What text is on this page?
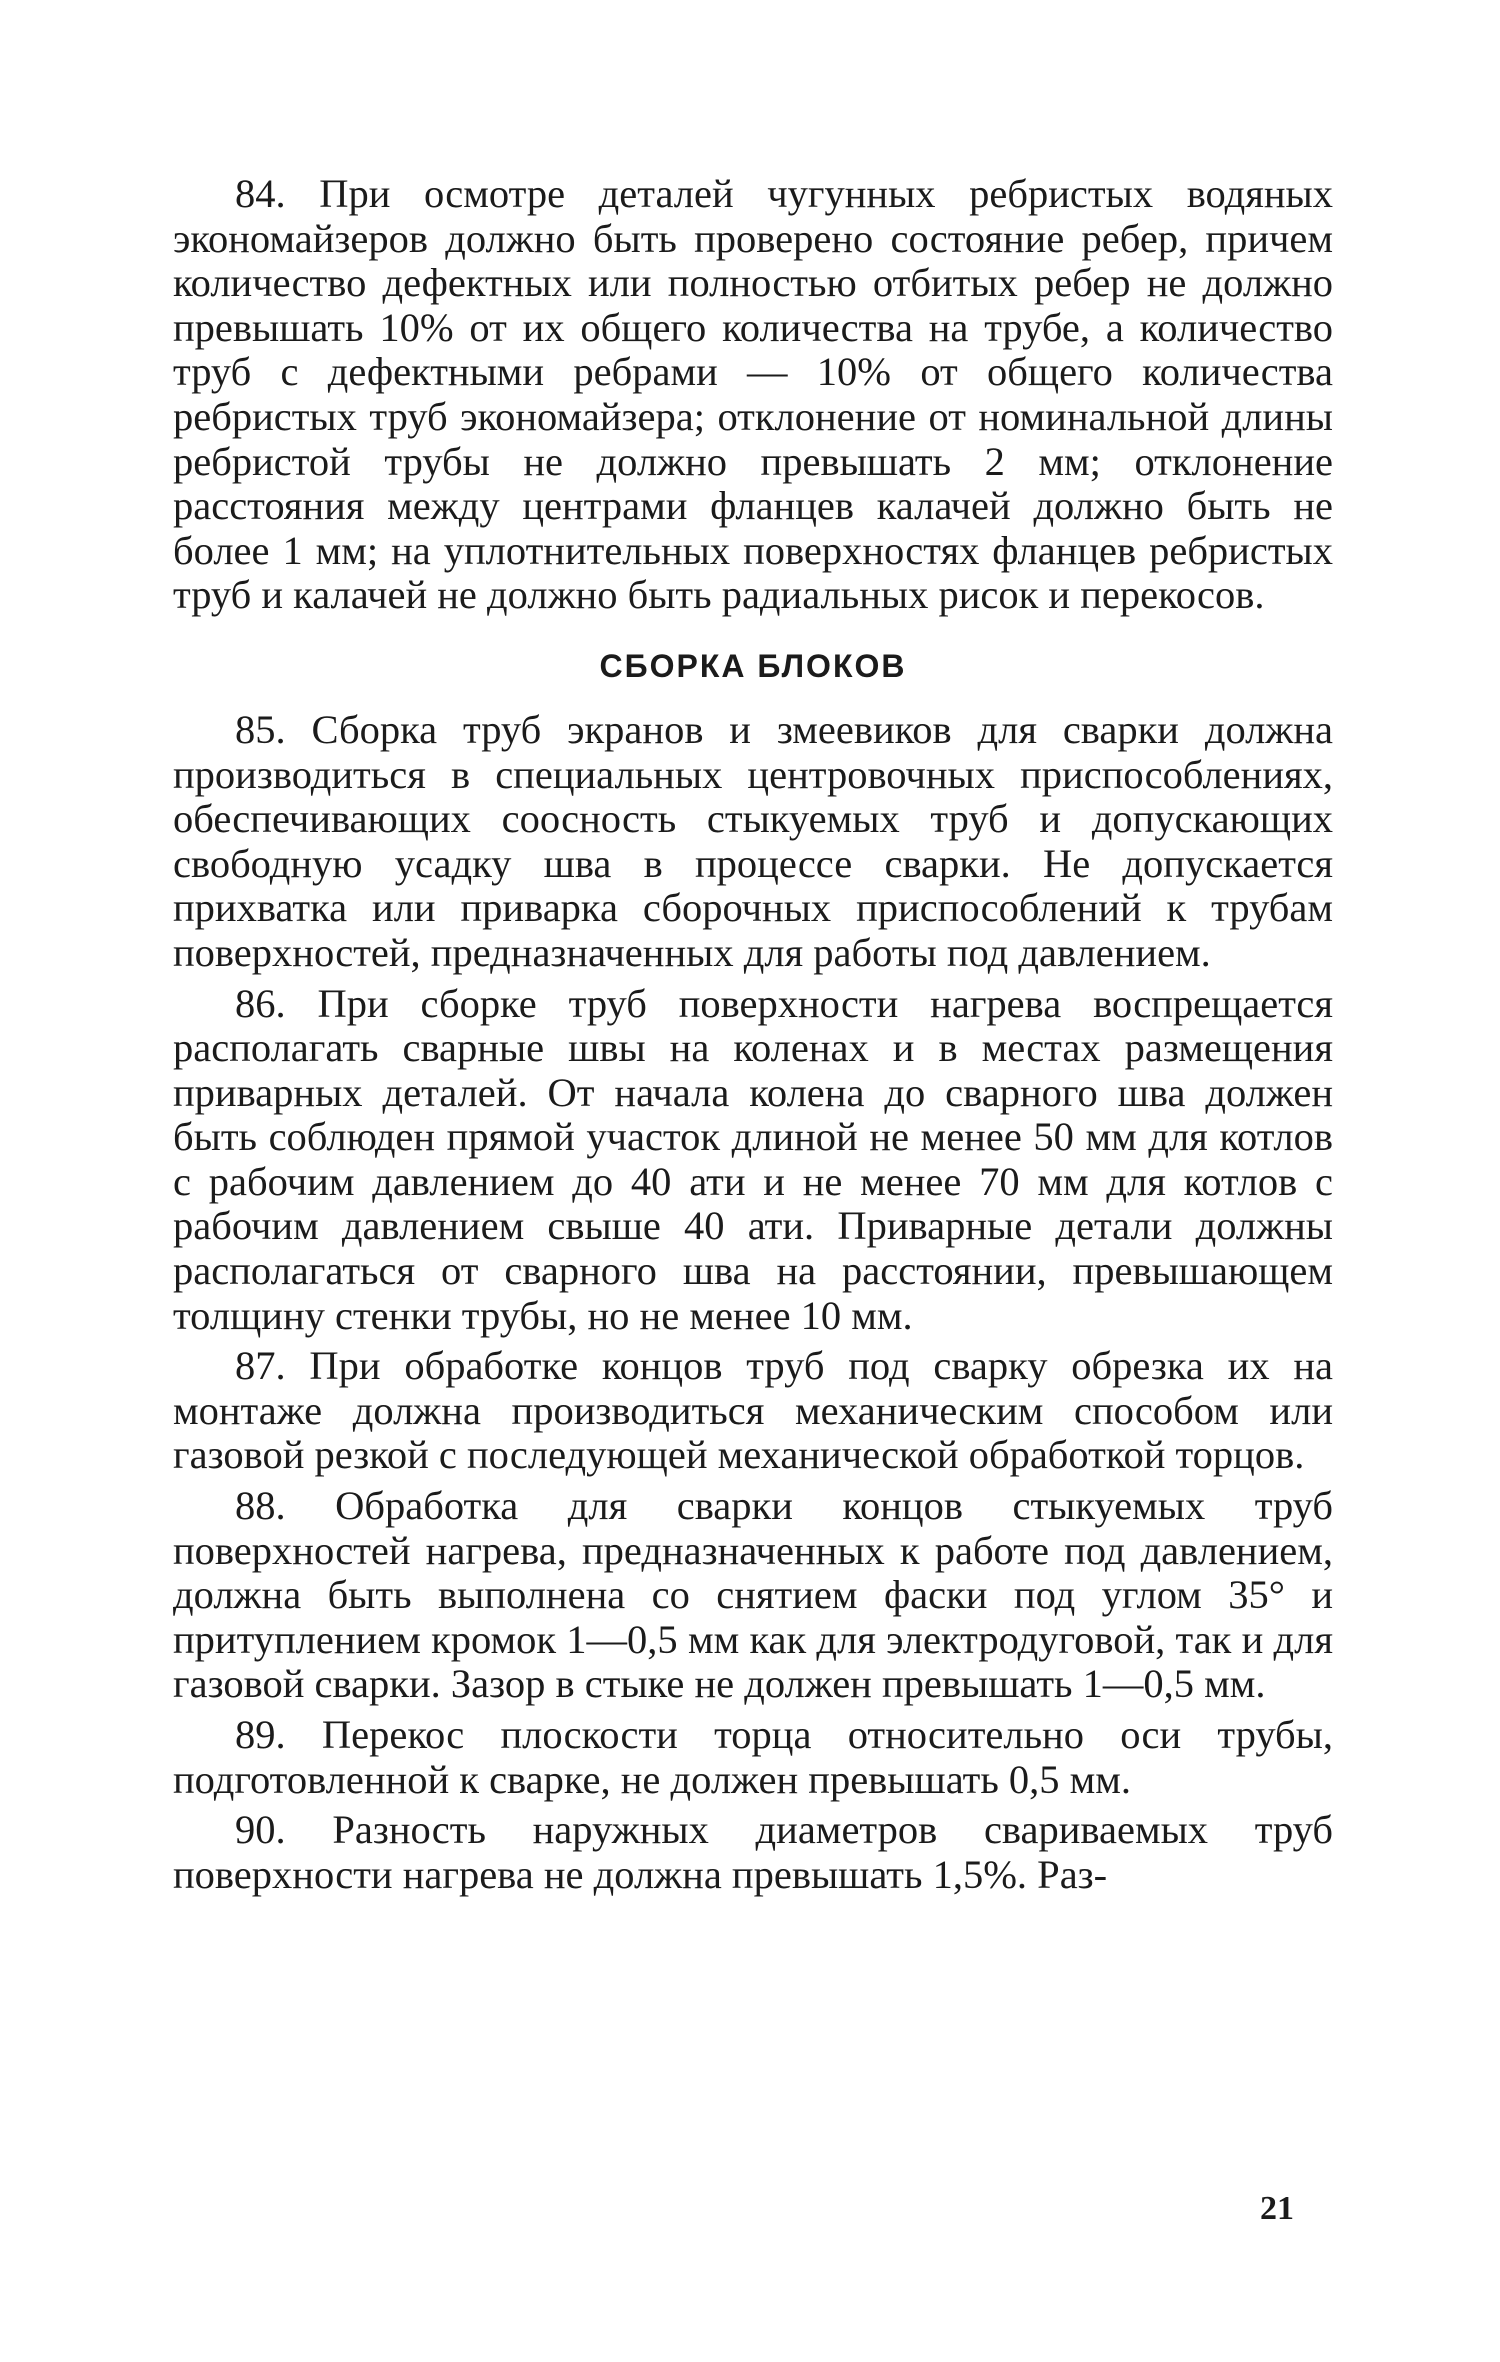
84. При осмотре деталей чугунных ребристых водяных экономайзеров должно быть проверено состояние ребер, причем количество дефектных или полностью отбитых ребер не должно превышать 10% от их общего количества на трубе, а количество труб с дефектными ребрами — 10% от общего количества ребристых труб экономайзера; отклонение от номинальной длины ребристой трубы не должно превышать 2 мм; отклонение расстояния между центрами фланцев калачей должно быть не более 1 мм; на уплотнительных поверхностях фланцев ребристых труб и калачей не должно быть радиальных рисок и перекосов.

СБОРКА БЛОКОВ

85. Сборка труб экранов и змеевиков для сварки должна производиться в специальных центровочных приспособлениях, обеспечивающих соосность стыкуемых труб и допускающих свободную усадку шва в процессе сварки. Не допускается прихватка или приварка сборочных приспособлений к трубам поверхностей, предназначенных для работы под давлением.

86. При сборке труб поверхности нагрева воспрещается располагать сварные швы на коленах и в местах размещения приварных деталей. От начала колена до сварного шва должен быть соблюден прямой участок длиной не менее 50 мм для котлов с рабочим давлением до 40 ати и не менее 70 мм для котлов с рабочим давлением свыше 40 ати. Приварные детали должны располагаться от сварного шва на расстоянии, превышающем толщину стенки трубы, но не менее 10 мм.

87. При обработке концов труб под сварку обрезка их на монтаже должна производиться механическим способом или газовой резкой с последующей механической обработкой торцов.

88. Обработка для сварки концов стыкуемых труб поверхностей нагрева, предназначенных к работе под давлением, должна быть выполнена со снятием фаски под углом 35° и притуплением кромок 1—0,5 мм как для электродуговой, так и для газовой сварки. Зазор в стыке не должен превышать 1—0,5 мм.

89. Перекос плоскости торца относительно оси трубы, подготовленной к сварке, не должен превышать 0,5 мм.

90. Разность наружных диаметров свариваемых труб поверхности нагрева не должна превышать 1,5%. Раз-

21
